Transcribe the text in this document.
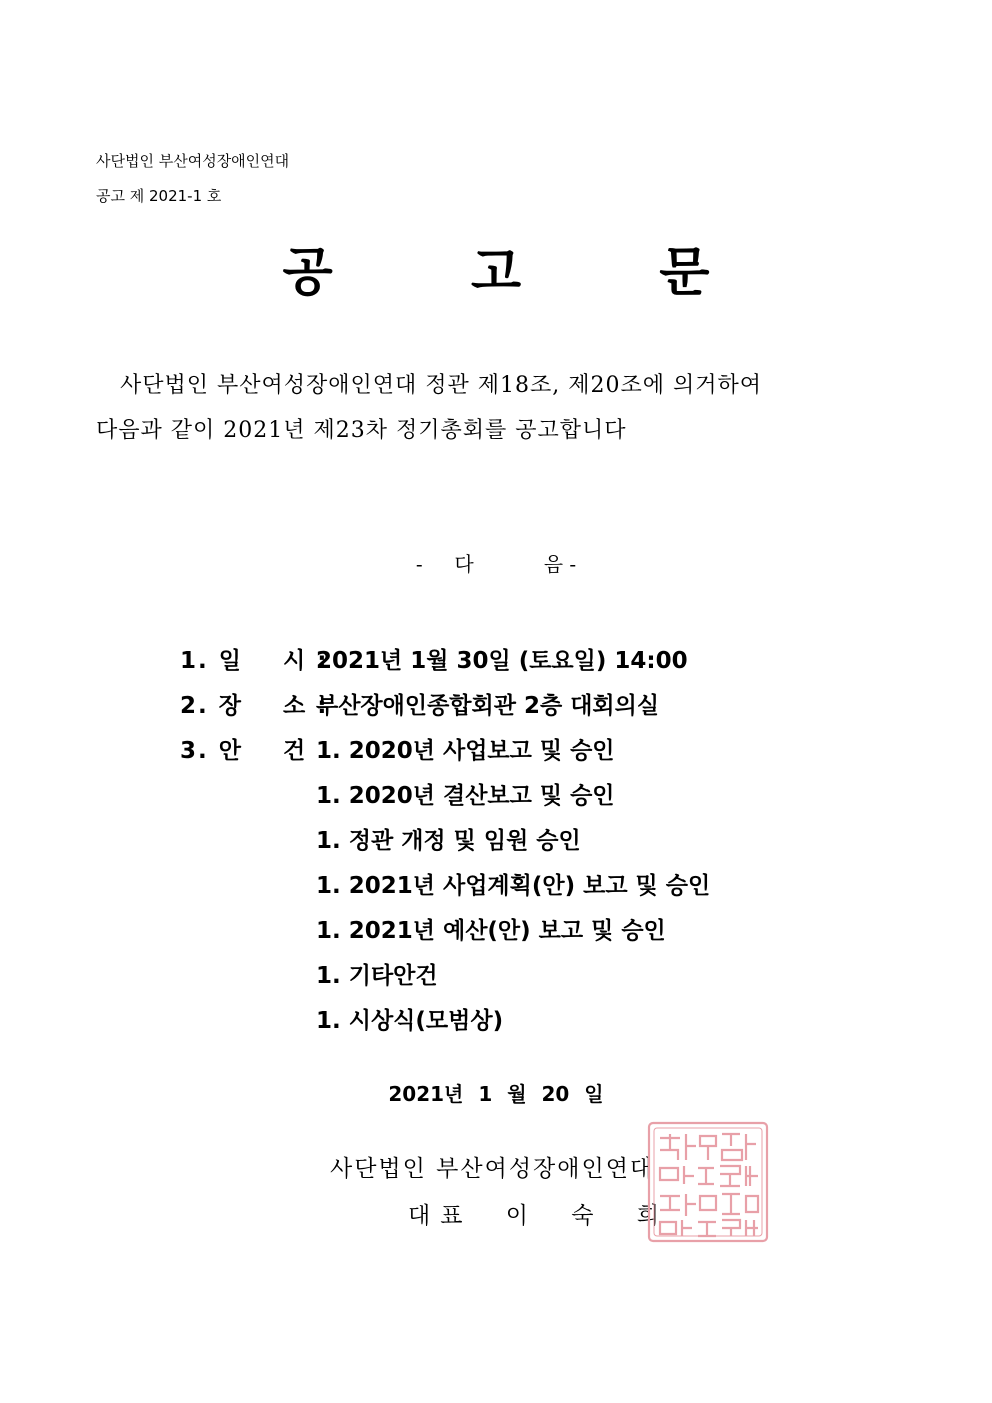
사단법인 부산여성장애인연대
공고 제 2021-1 호
공 고 문
사단법인 부산여성장애인연대 정관 제18조, 제20조에 의거하여
다음과 같이 2021년 제23차 정기총회를 공고합니다
- 다	음 -
1. 일    시 :
2021년 1월 30일 (토요일) 14:00
2. 장    소 :
부산장애인종합회관 2층 대회의실
3. 안    건 1. 2020년 사업보고 및 승인
1. 2020년 결산보고 및 승인
1. 정관 개정 및 임원 승인
1. 2021년 사업계획(안) 보고 및 승인
1. 2021년 예산(안) 보고 및 승인
1. 기타안건
1. 시상식(모범상)
2021년 1 월 20 일
사단법인 부산여성장애인연대
대표 이 숙 희
